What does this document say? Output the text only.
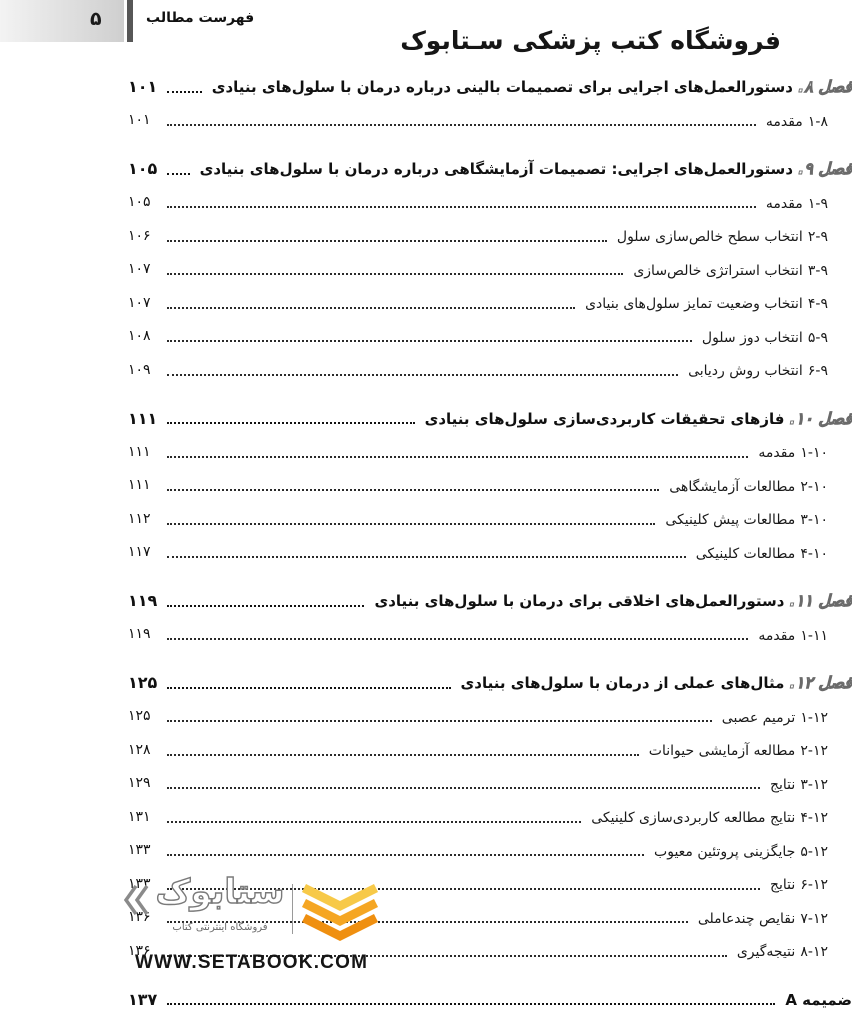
۵	فهرست مطالب
فروشگاه کتب پزشکی سـتابوک
فصل ۸. دستورالعمل‌های اجرایی برای تصمیمات بالینی درباره درمان با سلول‌های بنیادی
۱۰۱
۱-۸ مقدمه
۱۰۱
فصل ۹. دستورالعمل‌های اجرایی: تصمیمات آزمایشگاهی درباره درمان با سلول‌های بنیادی
۱۰۵
۱-۹ مقدمه
۱۰۵
۲-۹ انتخاب سطح خالص‌سازی سلول
۱۰۶
۳-۹ انتخاب استراتژی خالص‌سازی
۱۰۷
۴-۹ انتخاب وضعیت تمایز سلول‌های بنیادی
۱۰۷
۵-۹ انتخاب دوز سلول
۱۰۸
۶-۹ انتخاب روش ردیابی
۱۰۹
فصل ۱۰. فازهای تحقیقات کاربردی‌سازی سلول‌های بنیادی
۱۱۱
۱-۱۰ مقدمه
۱۱۱
۲-۱۰ مطالعات آزمایشگاهی
۱۱۱
۳-۱۰ مطالعات پیش کلینیکی
۱۱۲
۴-۱۰ مطالعات کلینیکی
۱۱۷
فصل ۱۱. دستورالعمل‌های اخلاقی برای درمان با سلول‌های بنیادی
۱۱۹
۱-۱۱ مقدمه
۱۱۹
فصل ۱۲. مثال‌های عملی از درمان با سلول‌های بنیادی
۱۲۵
۱-۱۲ ترمیم عصبی
۱۲۵
۲-۱۲ مطالعه آزمایشی حیوانات
۱۲۸
۳-۱۲ نتایج
۱۲۹
۴-۱۲ نتایج مطالعه کاربردی‌سازی کلینیکی
۱۳۱
۵-۱۲ جایگزینی پروتئین معیوب
۱۳۳
۶-۱۲ نتایج
۱۳۳
۷-۱۲ نقایص چندعاملی
۱۳۶
۸-۱۲ نتیجه‌گیری
۱۳۶
ضمیمه A
۱۳۷
ستابوک
فروشگاه اینترنتی کتاب
WWW.SETABOOK.COM
